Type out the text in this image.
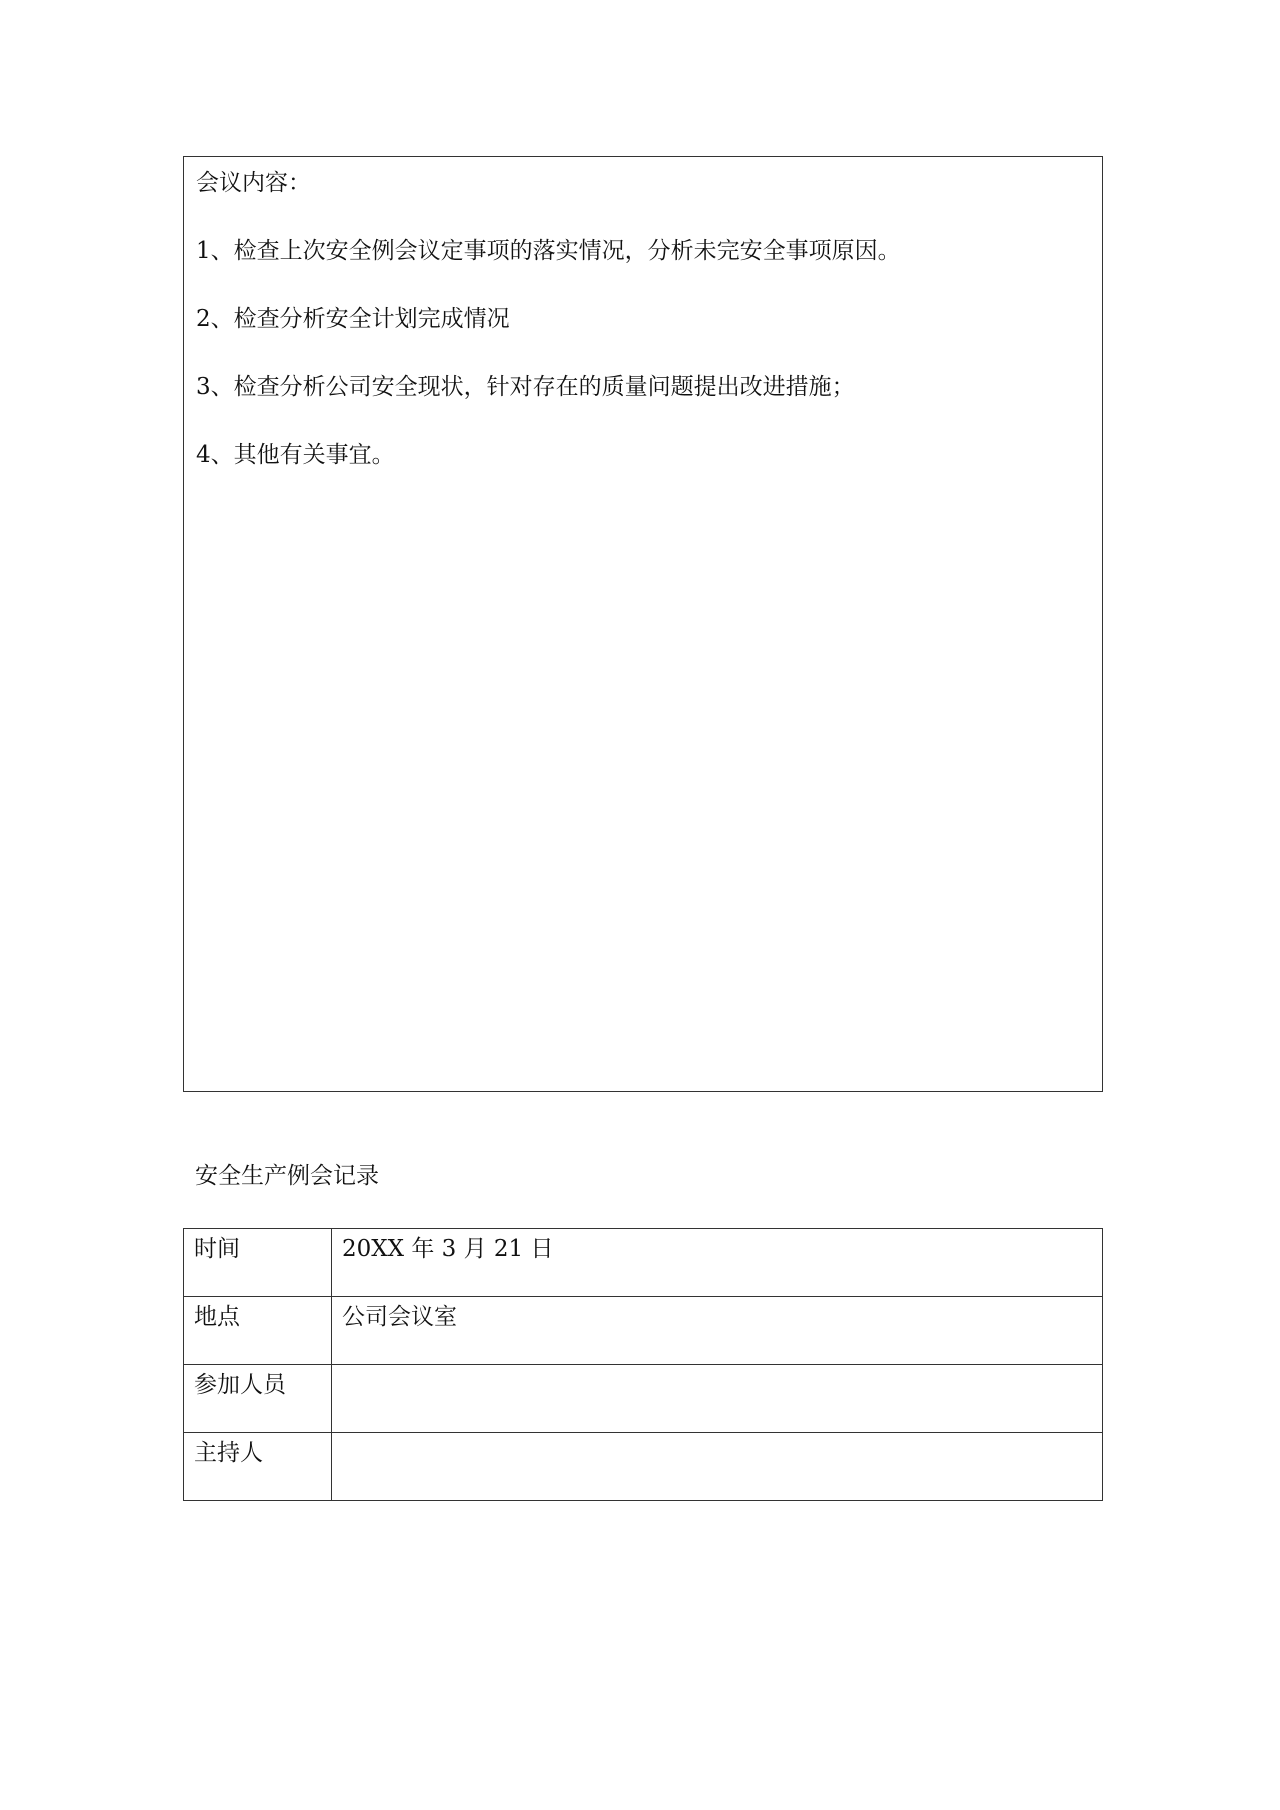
会议内容：

1、检查上次安全例会议定事项的落实情况，分析未完安全事项原因。

2、检查分析安全计划完成情况

3、检查分析公司安全现状，针对存在的质量问题提出改进措施；

4、其他有关事宜。

安全生产例会记录

时间	20XX 年 3 月 21 日
地点	公司会议室
参加人员	
主持人	
